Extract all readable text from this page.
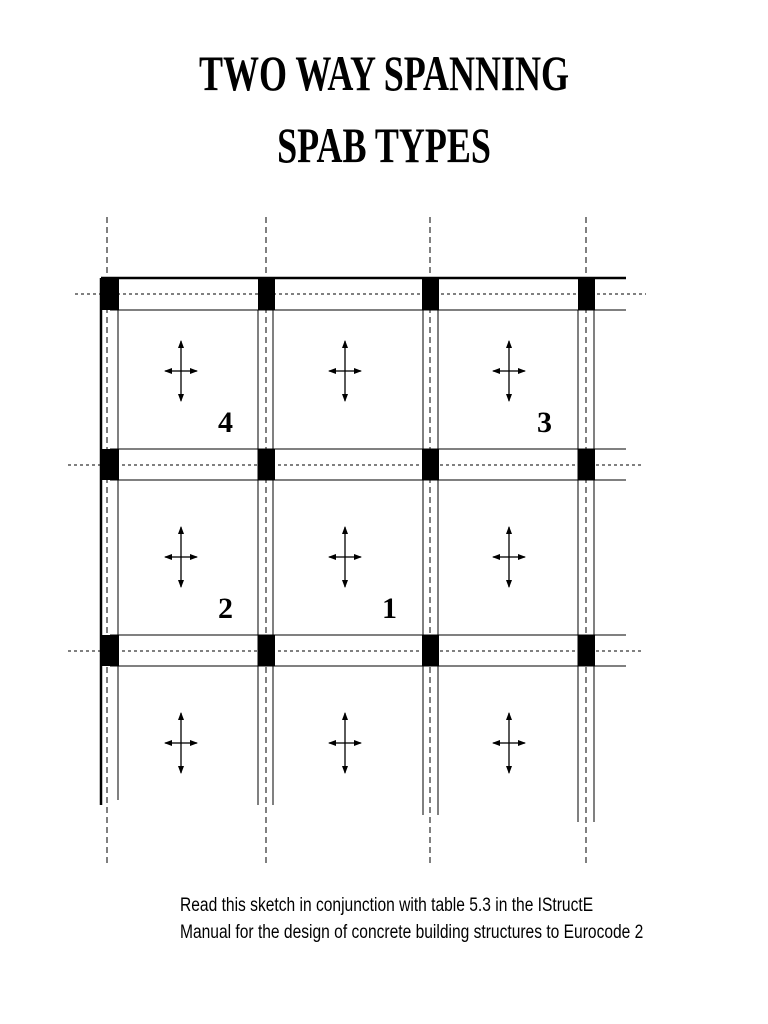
TWO WAY SPANNING
SPAB TYPES
4	3
2	1
Read this sketch in conjunction with table 5.3 in the IStructE
Manual for the design of concrete building structures to Eurocode 2
